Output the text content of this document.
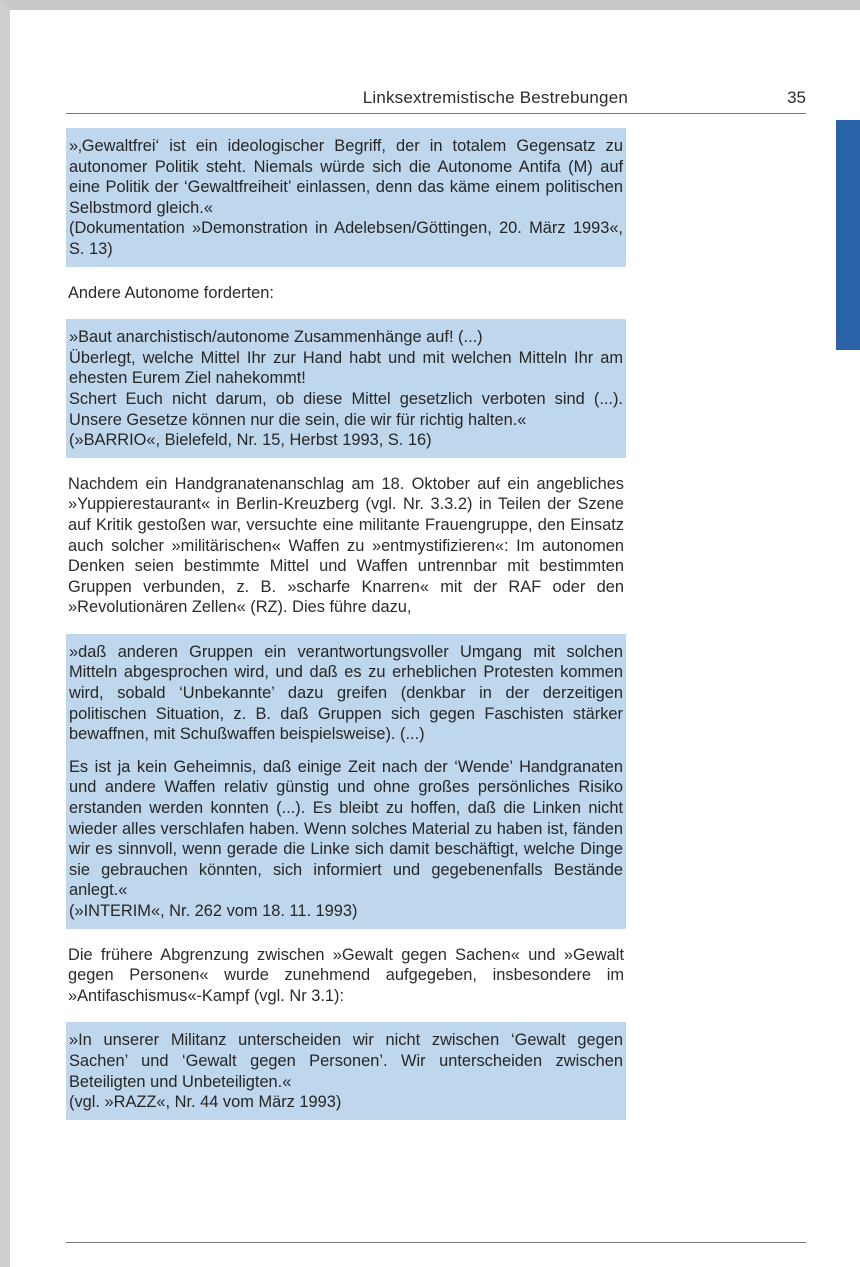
Linksextremistische Bestrebungen	35

»‚Gewaltfrei‘ ist ein ideologischer Begriff, der in totalem Gegensatz zu autonomer Politik steht. Niemals würde sich die Autonome Antifa (M) auf eine Politik der ‘Gewaltfreiheit’ einlassen, denn das käme einem politischen Selbstmord gleich.«

(Dokumentation »Demonstration in Adelebsen/Göttingen, 20. März 1993«, S. 13)

Andere Autonome forderten:

»Baut anarchistisch/autonome Zusammenhänge auf! (...)

Überlegt, welche Mittel Ihr zur Hand habt und mit welchen Mitteln Ihr am ehesten Eurem Ziel nahekommt!

Schert Euch nicht darum, ob diese Mittel gesetzlich verboten sind (...). Unsere Gesetze können nur die sein, die wir für richtig halten.«

(»BARRIO«, Bielefeld, Nr. 15, Herbst 1993, S. 16)

Nachdem ein Handgranatenanschlag am 18. Oktober auf ein angebliches »Yuppierestaurant« in Berlin-Kreuzberg (vgl. Nr. 3.3.2) in Teilen der Szene auf Kritik gestoßen war, versuchte eine militante Frauengruppe, den Einsatz auch solcher »militärischen« Waffen zu »entmystifizieren«: Im autonomen Denken seien bestimmte Mittel und Waffen untrennbar mit bestimmten Gruppen verbunden, z. B. »scharfe Knarren« mit der RAF oder den »Revolutionären Zellen« (RZ). Dies führe dazu,

»daß anderen Gruppen ein verantwortungsvoller Umgang mit solchen Mitteln abgesprochen wird, und daß es zu erheblichen Protesten kommen wird, sobald ‘Unbekannte’ dazu greifen (denkbar in der derzeitigen politischen Situation, z. B. daß Gruppen sich gegen Faschisten stärker bewaffnen, mit Schußwaffen beispielsweise). (...)

Es ist ja kein Geheimnis, daß einige Zeit nach der ‘Wende’ Handgranaten und andere Waffen relativ günstig und ohne großes persönliches Risiko erstanden werden konnten (...). Es bleibt zu hoffen, daß die Linken nicht wieder alles verschlafen haben. Wenn solches Material zu haben ist, fänden wir es sinnvoll, wenn gerade die Linke sich damit beschäftigt, welche Dinge sie gebrauchen könnten, sich informiert und gegebenenfalls Bestände anlegt.«

(»INTERIM«, Nr. 262 vom 18. 11. 1993)

Die frühere Abgrenzung zwischen »Gewalt gegen Sachen« und »Gewalt gegen Personen« wurde zunehmend aufgegeben, insbesondere im »Antifaschismus«-Kampf (vgl. Nr 3.1):

»In unserer Militanz unterscheiden wir nicht zwischen ‘Gewalt gegen Sachen’ und ‘Gewalt gegen Personen’. Wir unterscheiden zwischen Beteiligten und Unbeteiligten.«

(vgl. »RAZZ«, Nr. 44 vom März 1993)
